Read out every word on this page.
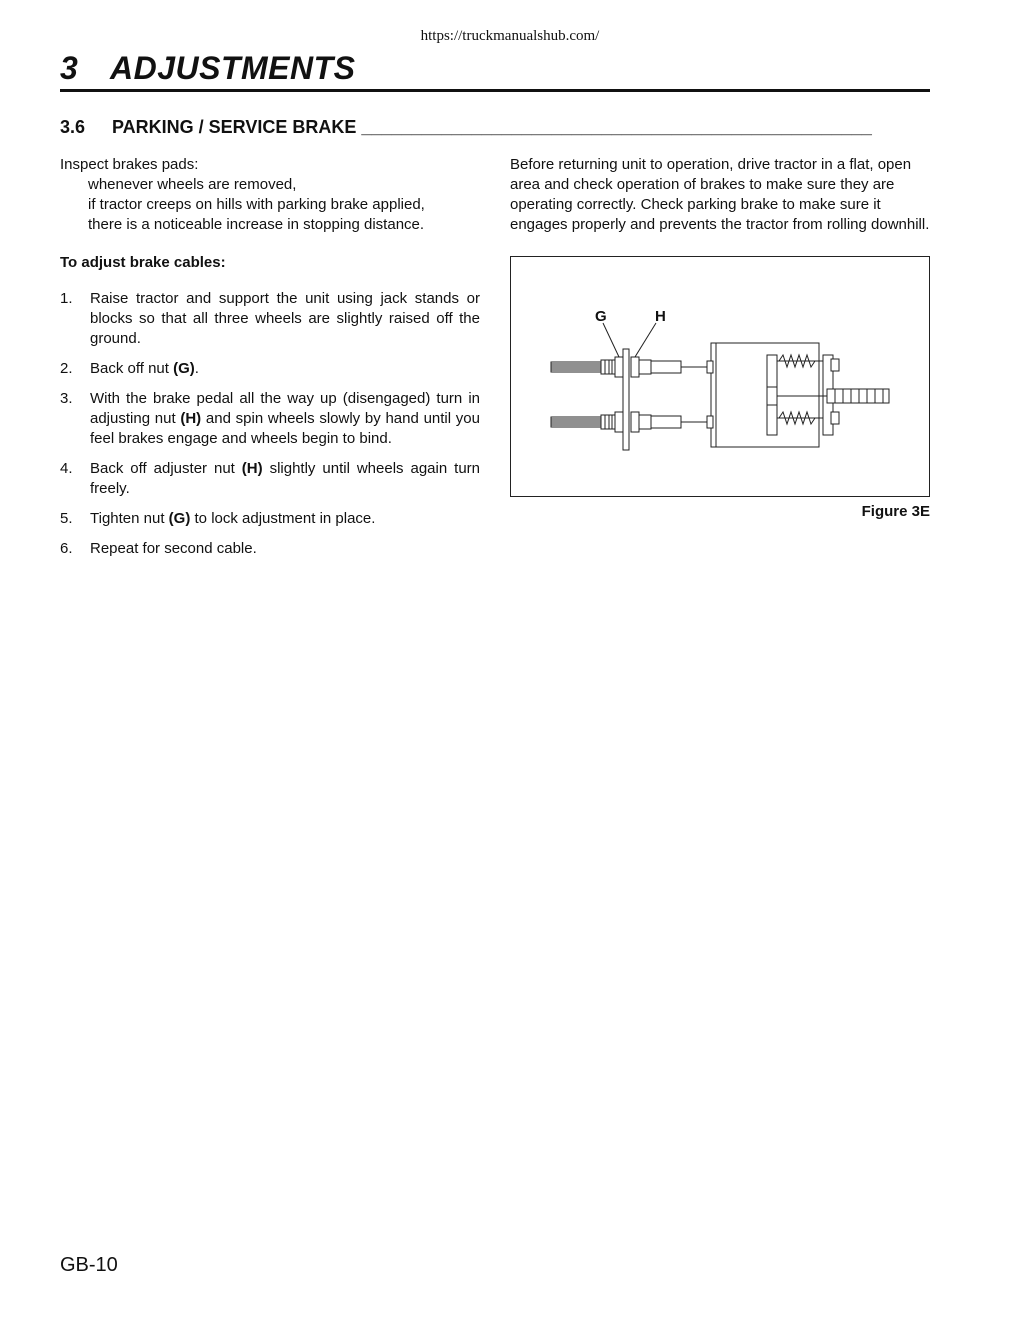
https://truckmanualshub.com/
3 ADJUSTMENTS
3.6 PARKING / SERVICE BRAKE ___________________________________________________
Inspect brakes pads:
whenever wheels are removed,
if tractor creeps on hills with parking brake applied,
there is a noticeable increase in stopping distance.
To adjust brake cables:
1.	Raise tractor and support the unit using jack stands or blocks so that all three wheels are slightly raised off the ground.
2.	Back off nut (G).
3.	With the brake pedal all the way up (disengaged) turn in adjusting nut (H) and spin wheels slowly by hand until you feel brakes engage and wheels begin to bind.
4.	Back off adjuster nut (H) slightly until wheels again turn freely.
5.	Tighten nut (G) to lock adjustment in place.
6.	Repeat for second cable.
Before returning unit to operation, drive tractor in a flat, open area and check operation of brakes to make sure they are operating correctly. Check parking brake to make sure it engages properly and prevents the tractor from rolling downhill.
G	H
Figure 3E
GB-10
